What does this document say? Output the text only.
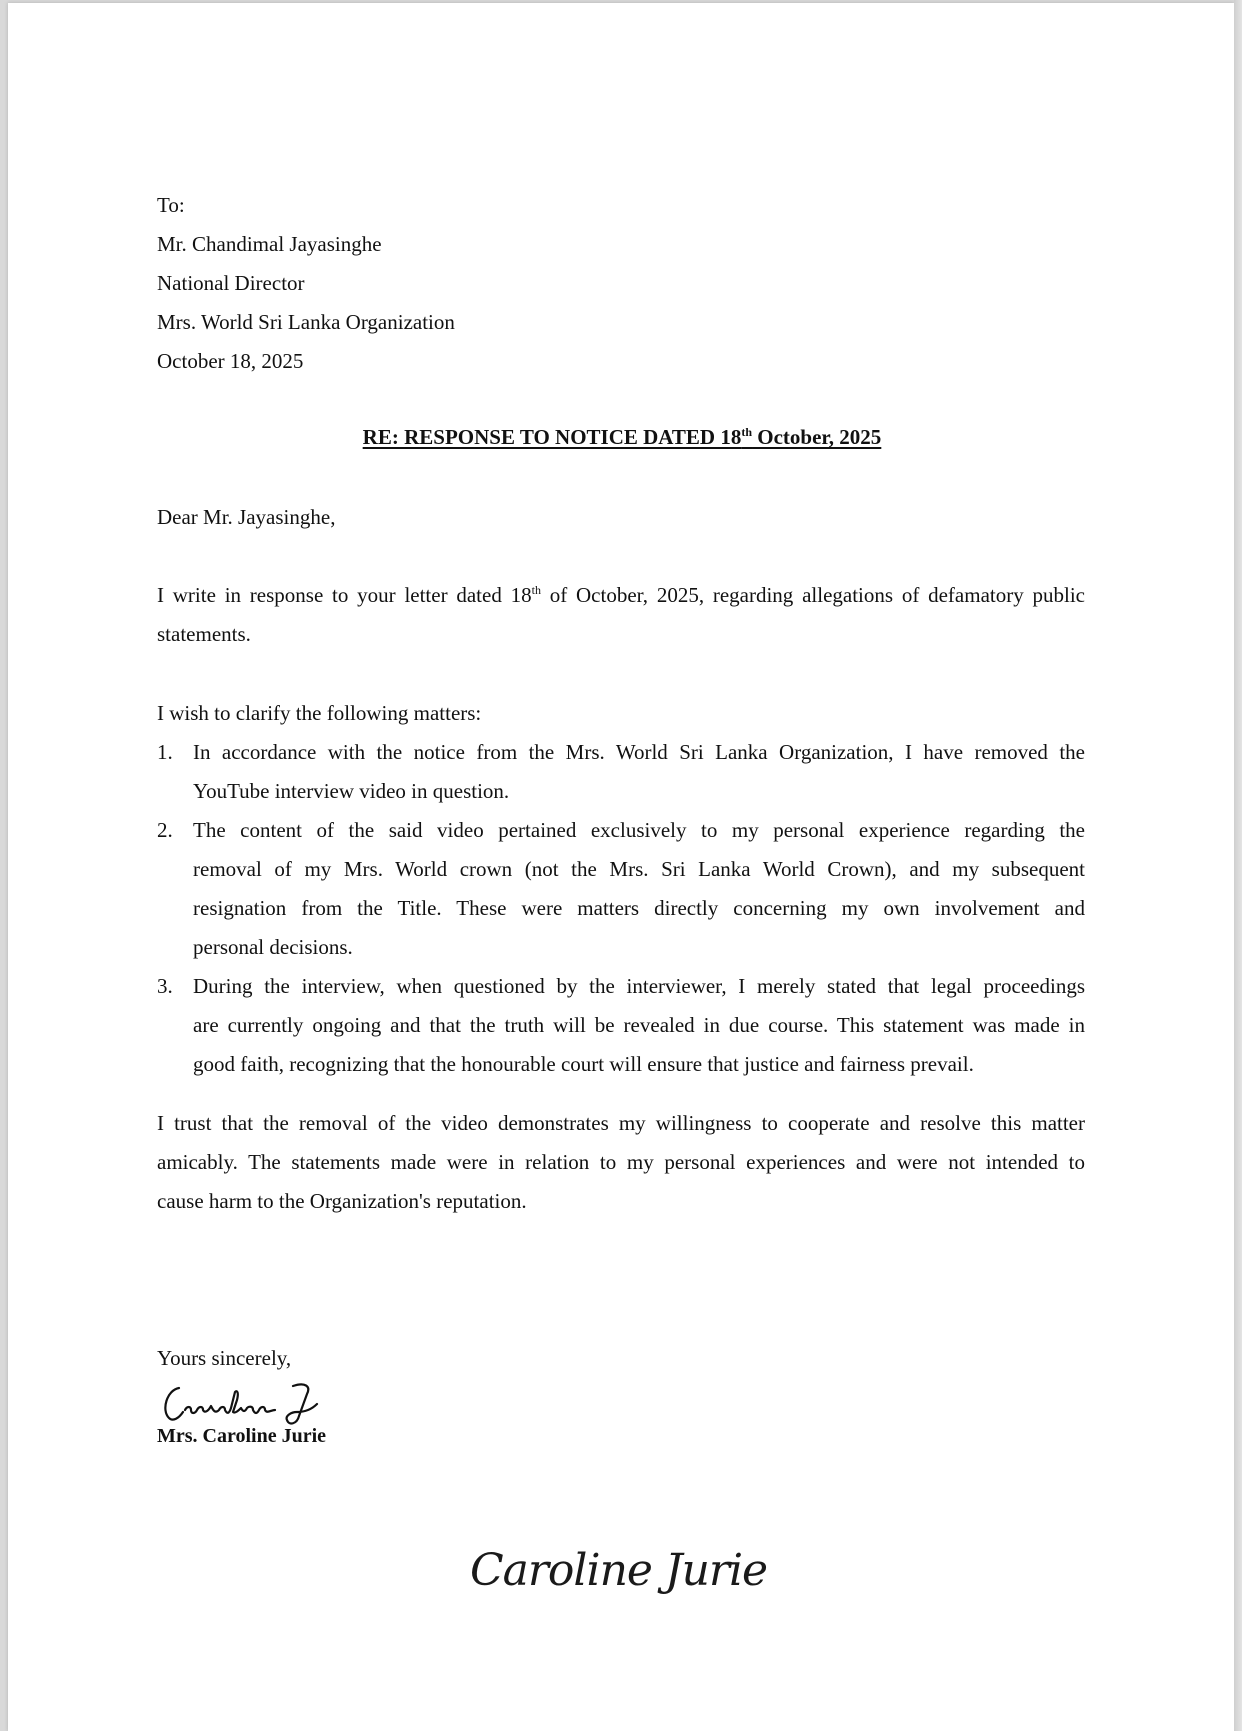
To:
Mr. Chandimal Jayasinghe
National Director
Mrs. World Sri Lanka Organization
October 18, 2025
RE: RESPONSE TO NOTICE DATED 18th October, 2025
Dear Mr. Jayasinghe,
I write in response to your letter dated 18th of October, 2025, regarding allegations of defamatory public
statements.
I wish to clarify the following matters:
1. In accordance with the notice from the Mrs. World Sri Lanka Organization, I have removed the
YouTube interview video in question.
2. The content of the said video pertained exclusively to my personal experience regarding the
removal of my Mrs. World crown (not the Mrs. Sri Lanka World Crown), and my subsequent
resignation from the Title. These were matters directly concerning my own involvement and
personal decisions.
3. During the interview, when questioned by the interviewer, I merely stated that legal proceedings
are currently ongoing and that the truth will be revealed in due course. This statement was made in
good faith, recognizing that the honourable court will ensure that justice and fairness prevail.
I trust that the removal of the video demonstrates my willingness to cooperate and resolve this matter
amicably. The statements made were in relation to my personal experiences and were not intended to
cause harm to the Organization's reputation.
Yours sincerely,
Mrs. Caroline Jurie
Caroline Jurie
